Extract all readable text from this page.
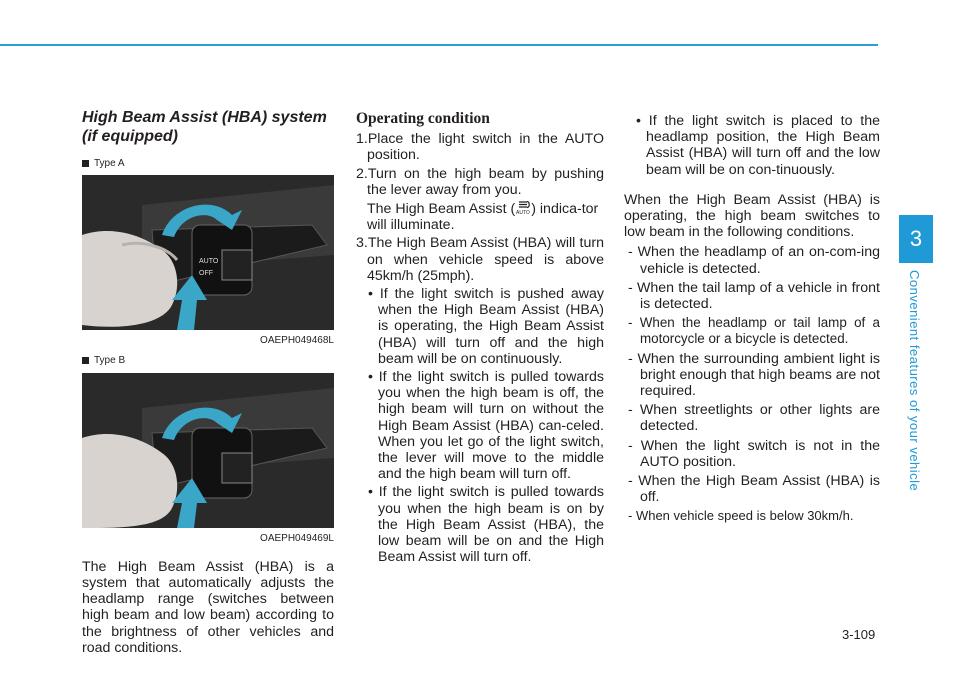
3
Convenient features of your vehicle
High Beam Assist (HBA) system
(if equipped)
Type A
AUTO
OFF
OAEPH049468L
Type B
OAEPH049469L

The High Beam Assist (HBA) is a system that automatically adjusts the headlamp range (switches between high beam and low beam) according to the brightness of other vehicles and road conditions.

Operating condition

1.Place the light switch in the AUTO position.

2.Turn on the high beam by pushing the lever away from you.

The High Beam Assist ( AUTO ) indica-tor will illuminate.

3.The High Beam Assist (HBA) will turn on when vehicle speed is above 45km/h (25mph).

• If the light switch is pushed away when the High Beam Assist (HBA) is operating, the High Beam Assist (HBA) will turn off and the high beam will be on continuously.

• If the light switch is pulled towards you when the high beam is off, the high beam will turn on without the High Beam Assist (HBA) can-celed. When you let go of the light switch, the lever will move to the middle and the high beam will turn off.

• If the light switch is pulled towards you when the high beam is on by the High Beam Assist (HBA), the low beam will be on and the High Beam Assist will turn off.

• If the light switch is placed to the headlamp position, the High Beam Assist (HBA) will turn off and the low beam will be on con-tinuously.

When the High Beam Assist (HBA) is operating, the high beam switches to low beam in the following conditions.

- When the headlamp of an on-com-ing vehicle is detected.

- When the tail lamp of a vehicle in front is detected.

- When the headlamp or tail lamp of a motorcycle or a bicycle is detected.

- When the surrounding ambient light is bright enough that high beams are not required.

- When streetlights or other lights are detected.

- When the light switch is not in the AUTO position.

- When the High Beam Assist (HBA) is off.

- When vehicle speed is below 30km/h.

3-109
